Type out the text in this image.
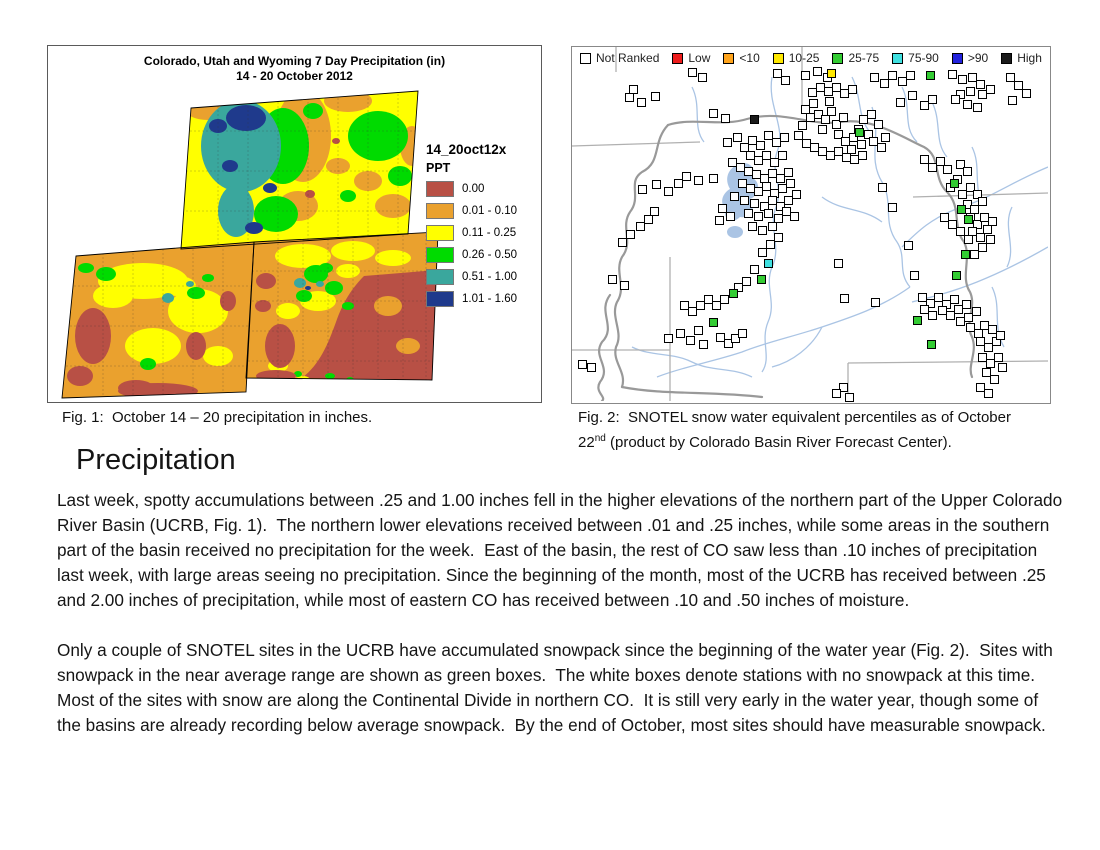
Colorado, Utah and Wyoming 7 Day Precipitation (in)
14 - 20 October 2012
14_20oct12x
PPT
0.00
0.01 - 0.10
0.11 - 0.25
0.26 - 0.50
0.51 - 1.00
1.01 - 1.60
Not Ranked Low <10 10-25 25-75 75-90 >90 High
Fig. 1:  October 14 – 20 precipitation in inches.	Fig. 2:  SNOTEL snow water equivalent percentiles as of October
22nd (product by Colorado Basin River Forecast Center).
Precipitation

Last week, spotty accumulations between .25 and 1.00 inches fell in the higher elevations of the northern part of the Upper Colorado River Basin (UCRB, Fig. 1).  The northern lower elevations received between .01 and .25 inches, while some areas in the southern part of the basin received no precipitation for the week.  East of the basin, the rest of CO saw less than .10 inches of precipitation last week, with large areas seeing no precipitation. Since the beginning of the month, most of the UCRB has received between .25 and 2.00 inches of precipitation, while most of eastern CO has received between .10 and .50 inches of moisture.

Only a couple of SNOTEL sites in the UCRB have accumulated snowpack since the beginning of the water year (Fig. 2).  Sites with snowpack in the near average range are shown as green boxes.  The white boxes denote stations with no snowpack at this time.  Most of the sites with snow are along the Continental Divide in northern CO.  It is still very early in the water year, though some of the basins are already recording below average snowpack.  By the end of October, most sites should have measurable snowpack.
